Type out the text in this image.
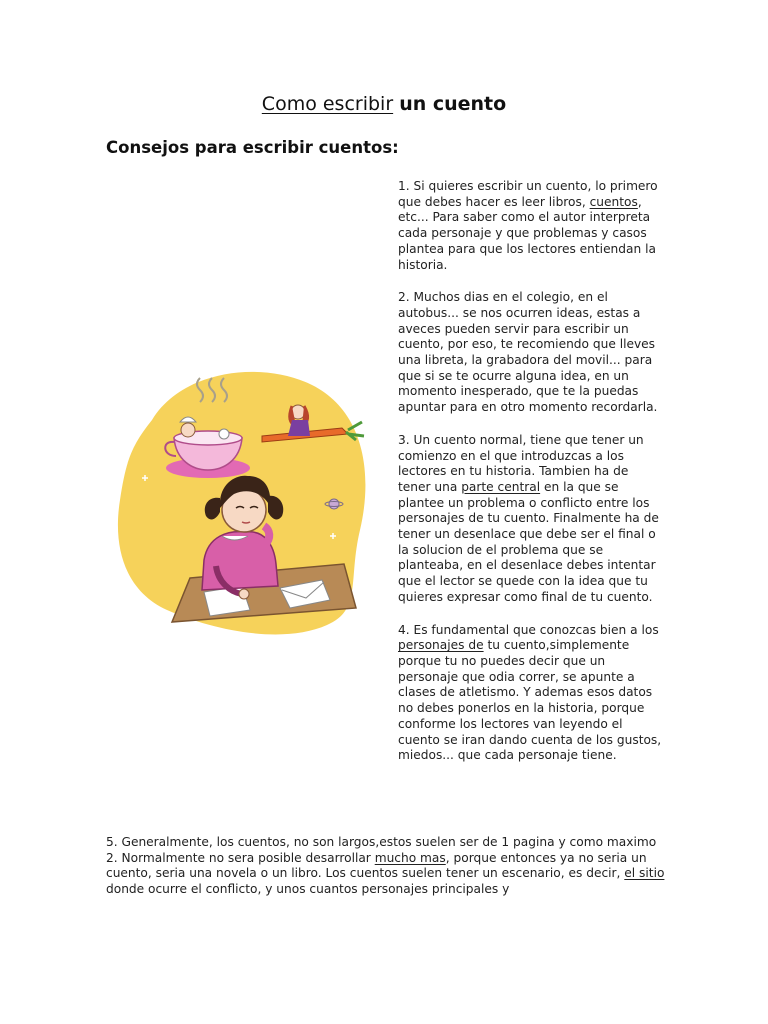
Como escribir un cuento
Consejos para escribir cuentos:

1. Si quieres escribir un cuento, lo primero que debes hacer es leer libros, cuentos, etc... Para saber como el autor interpreta cada personaje y que problemas y casos plantea para que los lectores entiendan la historia.

2. Muchos dias en el colegio, en el autobus... se nos ocurren ideas, estas a aveces pueden servir para escribir un cuento, por eso, te recomiendo que lleves una libreta, la grabadora del movil... para que si se te ocurre alguna idea, en un momento inesperado, que te la puedas apuntar para en otro momento recordarla.

3. Un cuento normal, tiene que tener un comienzo en el que introduzcas a los lectores en tu historia. Tambien ha de tener una parte central en la que se plantee un problema o conflicto entre los personajes de tu cuento. Finalmente ha de tener un desenlace que debe ser el final o la solucion de el problema que se planteaba, en el desenlace debes intentar que el lector se quede con la idea que tu quieres expresar como final de tu cuento.

4. Es fundamental que conozcas bien a los personajes de tu cuento,simplemente porque tu no puedes decir que un personaje que odia correr, se apunte a clases de atletismo. Y ademas esos datos no debes ponerlos en la historia, porque conforme los lectores van leyendo el cuento se iran dando cuenta de los gustos, miedos... que cada personaje tiene.

5. Generalmente, los cuentos, no son largos,estos suelen ser de 1 pagina y como maximo 2. Normalmente no sera posible desarrollar mucho mas, porque entonces ya no seria un cuento, seria una novela o un libro. Los cuentos suelen tener un escenario, es decir, el sitio donde ocurre el conflicto, y unos cuantos personajes principales y
